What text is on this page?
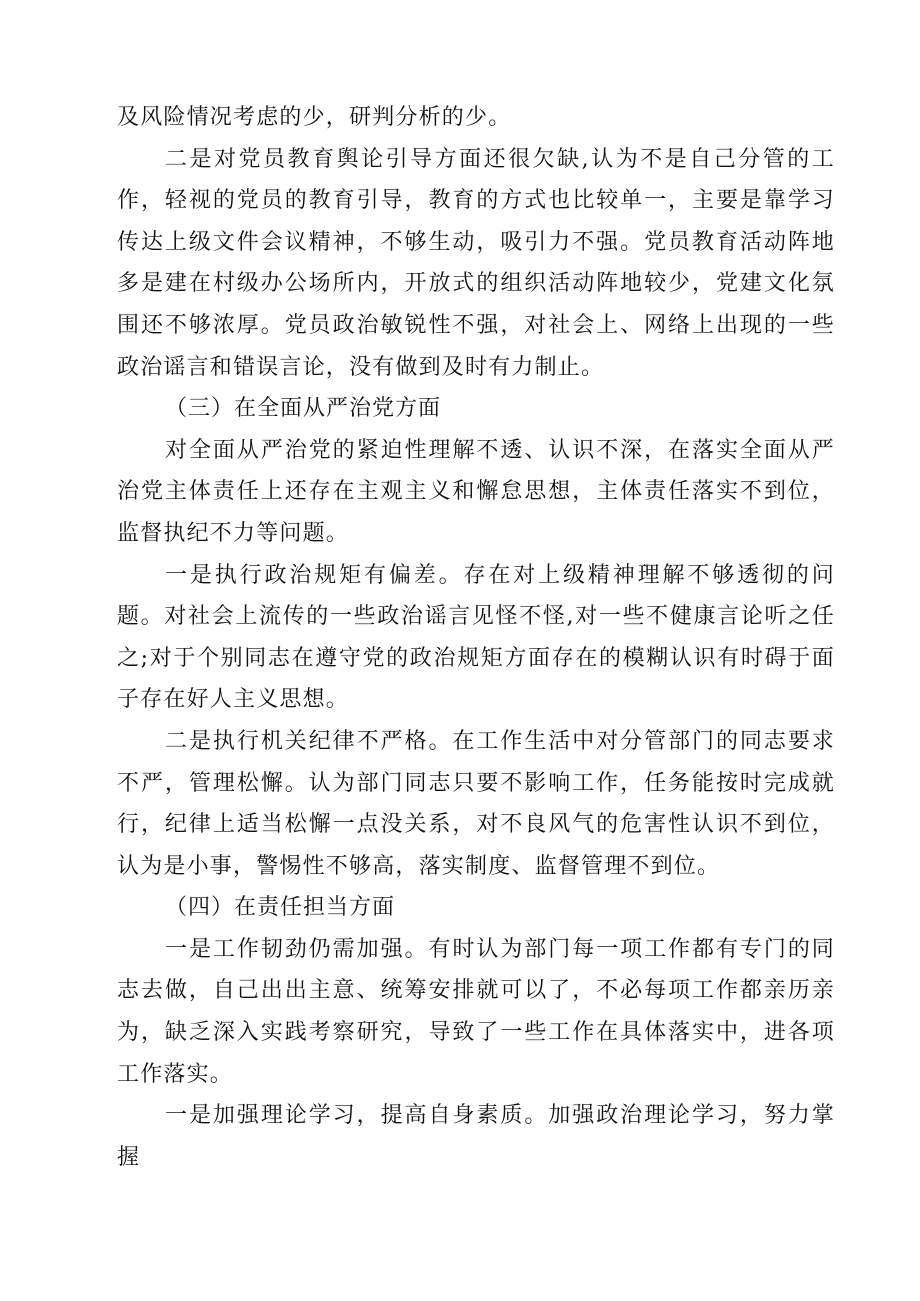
及风险情况考虑的少，研判分析的少。

二是对党员教育舆论引导方面还很欠缺,认为不是自己分管的工作，轻视的党员的教育引导，教育的方式也比较单一，主要是靠学习传达上级文件会议精神，不够生动，吸引力不强。党员教育活动阵地多是建在村级办公场所内，开放式的组织活动阵地较少，党建文化氛围还不够浓厚。党员政治敏锐性不强，对社会上、网络上出现的一些政治谣言和错误言论，没有做到及时有力制止。

（三）在全面从严治党方面

对全面从严治党的紧迫性理解不透、认识不深，在落实全面从严治党主体责任上还存在主观主义和懈怠思想，主体责任落实不到位，监督执纪不力等问题。

一是执行政治规矩有偏差。存在对上级精神理解不够透彻的问题。对社会上流传的一些政治谣言见怪不怪,对一些不健康言论听之任之;对于个别同志在遵守党的政治规矩方面存在的模糊认识有时碍于面子存在好人主义思想。

二是执行机关纪律不严格。在工作生活中对分管部门的同志要求不严，管理松懈。认为部门同志只要不影响工作，任务能按时完成就行，纪律上适当松懈一点没关系，对不良风气的危害性认识不到位，认为是小事，警惕性不够高，落实制度、监督管理不到位。

（四）在责任担当方面

一是工作韧劲仍需加强。有时认为部门每一项工作都有专门的同志去做，自己出出主意、统筹安排就可以了，不必每项工作都亲历亲为，缺乏深入实践考察研究，导致了一些工作在具体落实中，进各项工作落实。

一是加强理论学习，提高自身素质。加强政治理论学习，努力掌握
